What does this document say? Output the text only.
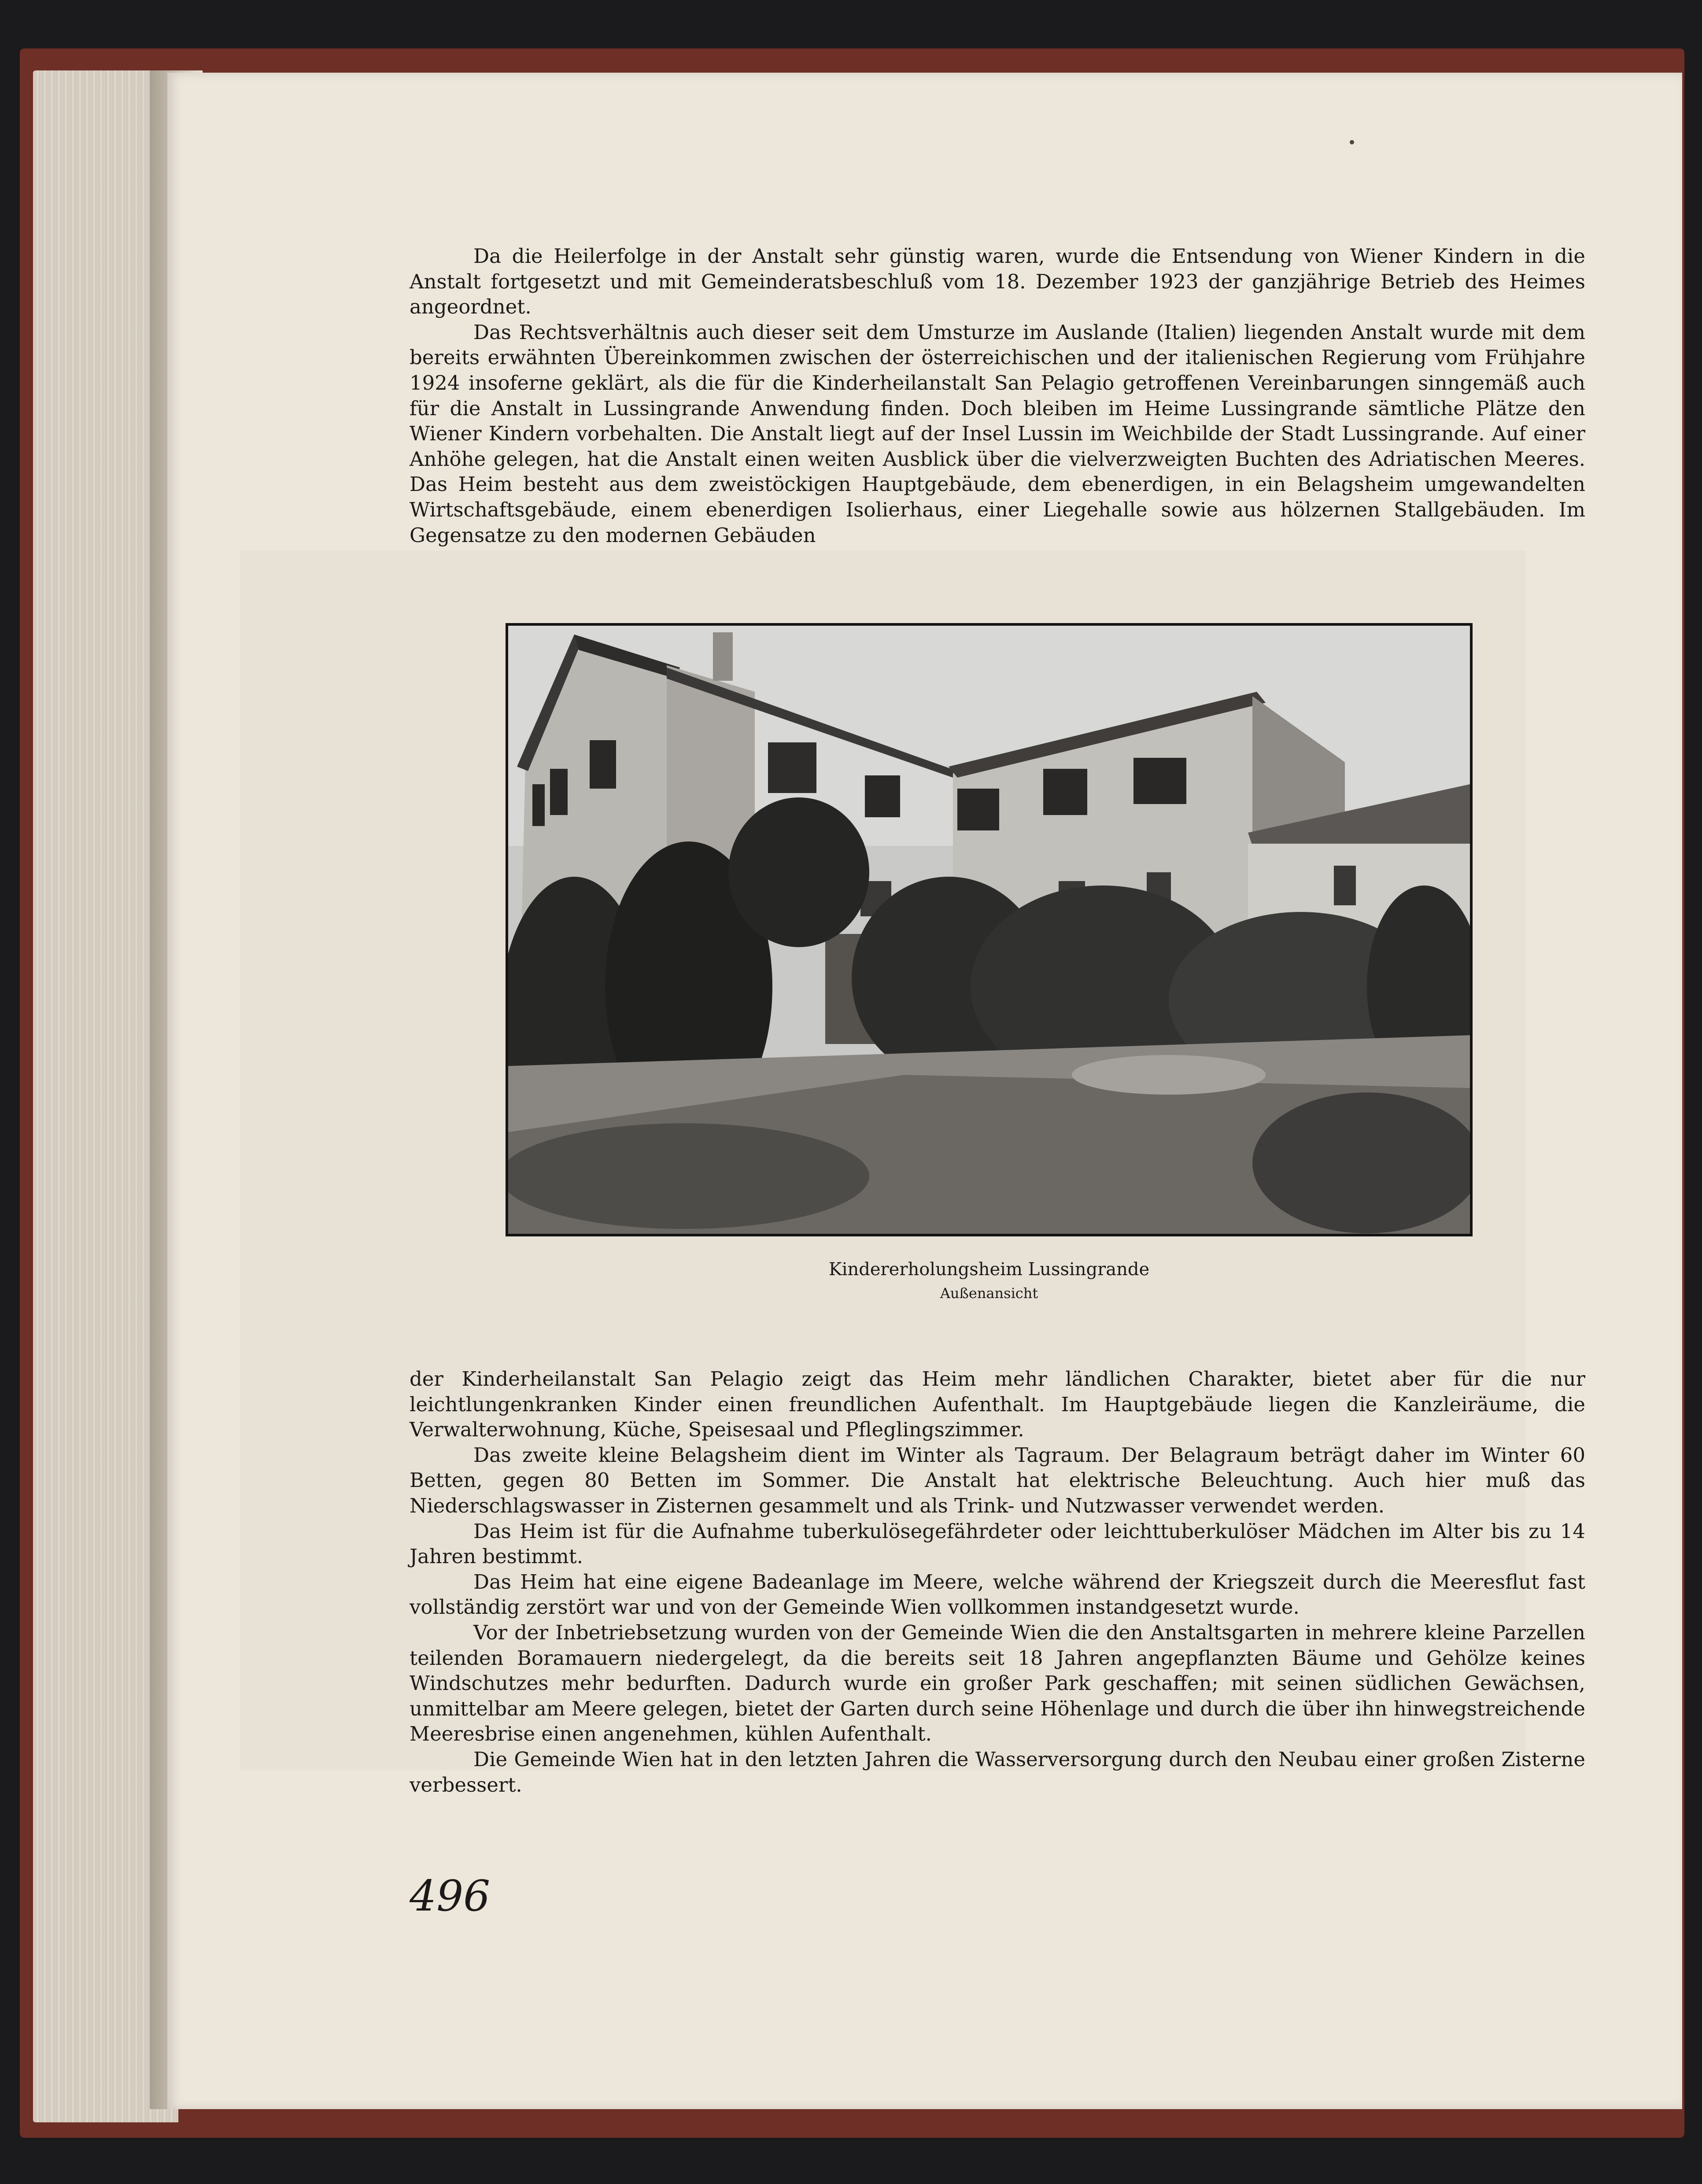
Da die Heilerfolge in der Anstalt sehr günstig waren, wurde die Entsendung von Wiener Kindern in die Anstalt fortgesetzt und mit Gemeinderatsbeschluß vom 18. Dezember 1923 der ganzjährige Betrieb des Heimes angeordnet.

Das Rechtsverhältnis auch dieser seit dem Umsturze im Auslande (Italien) liegenden Anstalt wurde mit dem bereits erwähnten Übereinkommen zwischen der österreichischen und der italienischen Regierung vom Frühjahre 1924 insoferne geklärt, als die für die Kinderheilanstalt San Pelagio getroffenen Vereinbarungen sinngemäß auch für die Anstalt in Lussingrande Anwendung finden. Doch bleiben im Heime Lussingrande sämtliche Plätze den Wiener Kindern vorbehalten. Die Anstalt liegt auf der Insel Lussin im Weichbilde der Stadt Lussingrande. Auf einer Anhöhe gelegen, hat die Anstalt einen weiten Ausblick über die vielverzweigten Buchten des Adriatischen Meeres. Das Heim besteht aus dem zweistöckigen Hauptgebäude, dem ebenerdigen, in ein Belagsheim umgewandelten Wirtschaftsgebäude, einem ebenerdigen Isolierhaus, einer Liegehalle sowie aus hölzernen Stallgebäuden. Im Gegensatze zu den modernen Gebäuden

Kindererholungsheim Lussingrande
Außenansicht

der Kinderheilanstalt San Pelagio zeigt das Heim mehr ländlichen Charakter, bietet aber für die nur leichtlungenkranken Kinder einen freundlichen Aufenthalt. Im Hauptgebäude liegen die Kanzleiräume, die Verwalterwohnung, Küche, Speisesaal und Pfleglingszimmer.

Das zweite kleine Belagsheim dient im Winter als Tagraum. Der Belagraum beträgt daher im Winter 60 Betten, gegen 80 Betten im Sommer. Die Anstalt hat elektrische Beleuchtung. Auch hier muß das Niederschlagswasser in Zisternen gesammelt und als Trink- und Nutzwasser verwendet werden.

Das Heim ist für die Aufnahme tuberkulösegefährdeter oder leichttuberkulöser Mädchen im Alter bis zu 14 Jahren bestimmt.

Das Heim hat eine eigene Badeanlage im Meere, welche während der Kriegszeit durch die Meeresflut fast vollständig zerstört war und von der Gemeinde Wien vollkommen instandgesetzt wurde.

Vor der Inbetriebsetzung wurden von der Gemeinde Wien die den Anstaltsgarten in mehrere kleine Parzellen teilenden Boramauern niedergelegt, da die bereits seit 18 Jahren angepflanzten Bäume und Gehölze keines Windschutzes mehr bedurften. Dadurch wurde ein großer Park geschaffen; mit seinen südlichen Gewächsen, unmittelbar am Meere gelegen, bietet der Garten durch seine Höhenlage und durch die über ihn hinwegstreichende Meeresbrise einen angenehmen, kühlen Aufenthalt.

Die Gemeinde Wien hat in den letzten Jahren die Wasserversorgung durch den Neubau einer großen Zisterne verbessert.

496
